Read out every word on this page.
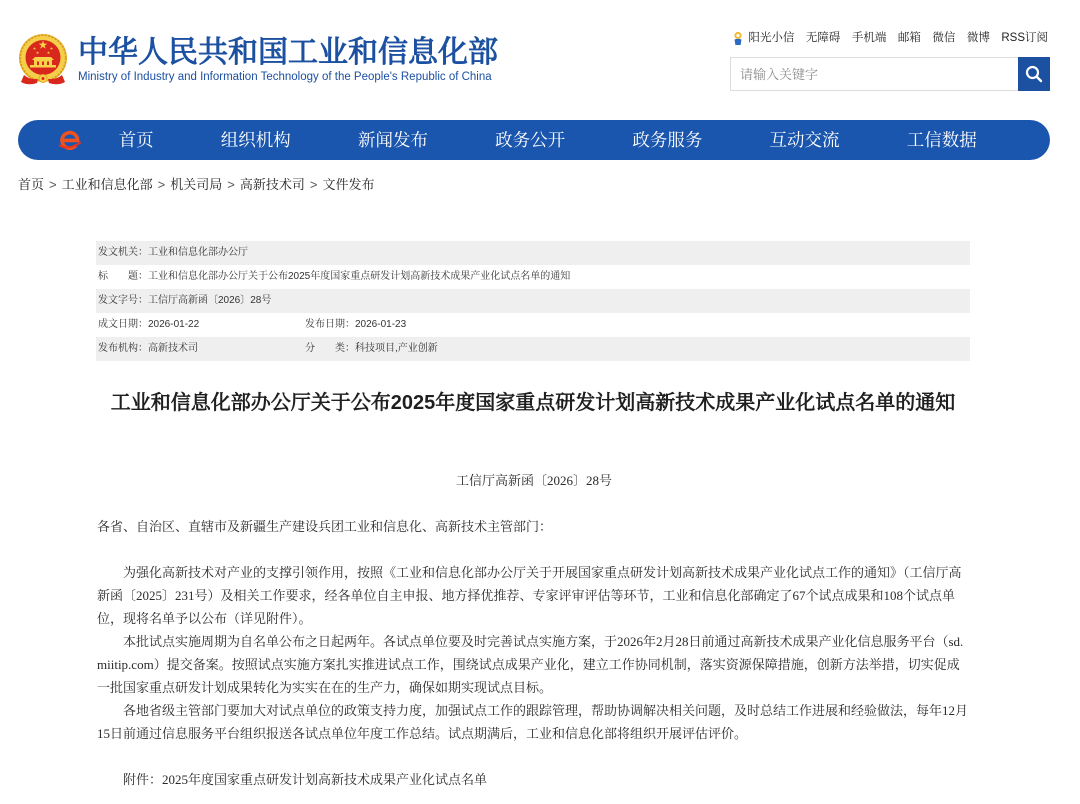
中华人民共和国工业和信息化部
Ministry of Industry and Information Technology of the People's Republic of China
阳光小信 无障碍 手机端 邮箱 微信 微博 RSS订阅
请输入关键字
首页	组织机构	新闻发布	政务公开	政务服务	互动交流	工信数据
首页 > 工业和信息化部 > 机关司局 > 高新技术司 > 文件发布
发文机关：工业和信息化部办公厅
标　　题：工业和信息化部办公厅关于公布2025年度国家重点研发计划高新技术成果产业化试点名单的通知
发文字号：工信厅高新函〔2026〕28号
成文日期：2026-01-22	发布日期：2026-01-23
发布机构：高新技术司	分　　类：科技项目,产业创新
工业和信息化部办公厅关于公布2025年度国家重点研发计划高新技术成果产业化试点名单的通知
工信厅高新函〔2026〕28号
各省、自治区、直辖市及新疆生产建设兵团工业和信息化、高新技术主管部门：
为强化高新技术对产业的支撑引领作用，按照《工业和信息化部办公厅关于开展国家重点研发计划高新技术成果产业化试点工作的通知》（工信厅高新函〔2025〕231号）及相关工作要求，经各单位自主申报、地方择优推荐、专家评审评估等环节，工业和信息化部确定了67个试点成果和108个试点单位，现将名单予以公布（详见附件）。
本批试点实施周期为自名单公布之日起两年。各试点单位要及时完善试点实施方案，于2026年2月28日前通过高新技术成果产业化信息服务平台（sd.miitip.com）提交备案。按照试点实施方案扎实推进试点工作，围绕试点成果产业化，建立工作协同机制，落实资源保障措施，创新方法举措，切实促成一批国家重点研发计划成果转化为实实在在的生产力，确保如期实现试点目标。
各地省级主管部门要加大对试点单位的政策支持力度，加强试点工作的跟踪管理，帮助协调解决相关问题，及时总结工作进展和经验做法，每年12月15日前通过信息服务平台组织报送各试点单位年度工作总结。试点期满后，工业和信息化部将组织开展评估评价。
附件：2025年度国家重点研发计划高新技术成果产业化试点名单
